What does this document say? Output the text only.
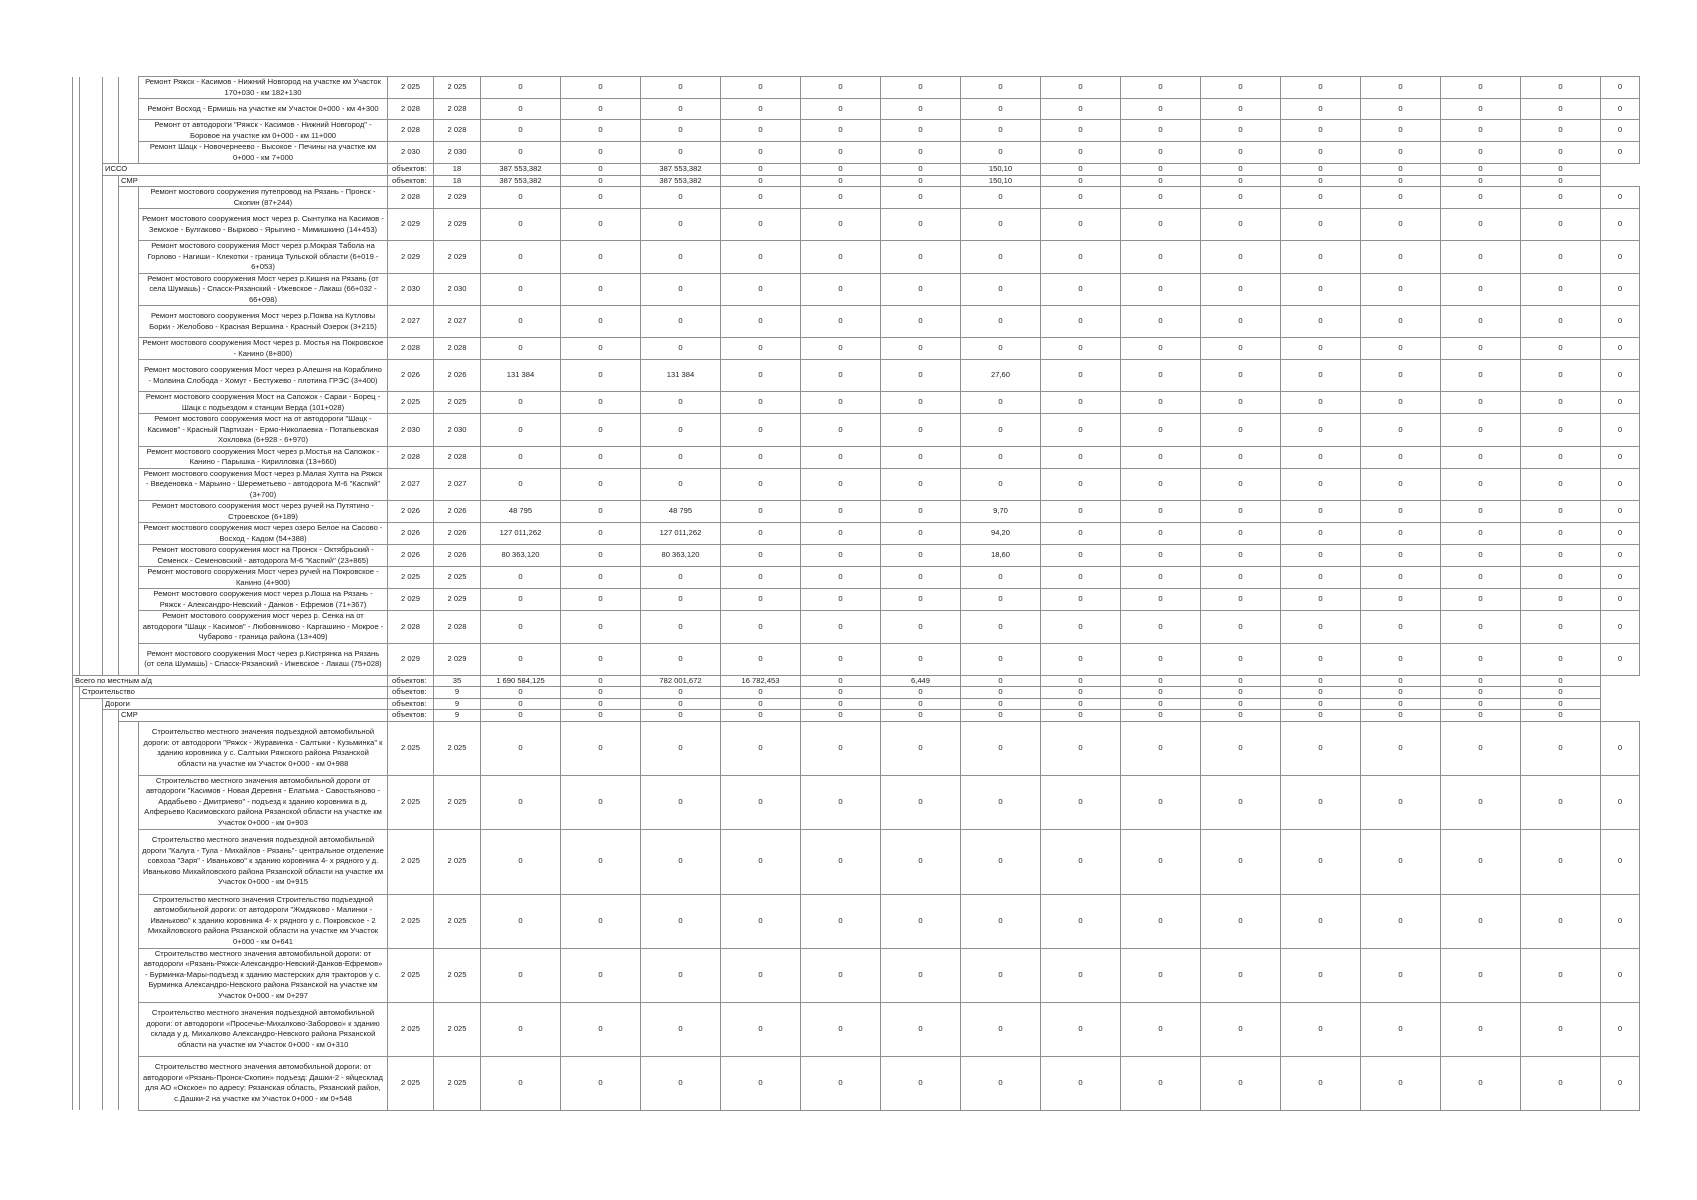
				Ремонт Ряжск - Касимов - Нижний Новгород на участке км Участок 170+030 - км 182+130	2 025	2 025	0	0	0	0	0	0	0	0	0	0	0	0	0	0	0
				Ремонт Восход - Ермишь на участке км Участок 0+000 - км 4+300	2 028	2 028	0	0	0	0	0	0	0	0	0	0	0	0	0	0	0
				Ремонт от автодороги "Ряжск - Касимов - Нижний Новгород" - Боровое на участке км 0+000 - км 11+000	2 028	2 028	0	0	0	0	0	0	0	0	0	0	0	0	0	0	0
				Ремонт Шацк - Новочернеево - Высокое - Печины на участке км 0+000 - км 7+000	2 030	2 030	0	0	0	0	0	0	0	0	0	0	0	0	0	0	0
		ИССО			объектов:	18	387 553,382	0	387 553,382	0	0	0	150,10	0	0	0	0	0	0	0	
			СМР		объектов:	18	387 553,382	0	387 553,382	0	0	0	150,10	0	0	0	0	0	0	0	
				Ремонт мостового сооружения путепровод на Рязань - Пронск - Скопин (87+244)	2 028	2 029	0	0	0	0	0	0	0	0	0	0	0	0	0	0	0
				Ремонт мостового сооружения мост через р. Сынтулка на Касимов - Земское - Булгаково - Вырково - Ярыгино - Мимишкино (14+453)	2 029	2 029	0	0	0	0	0	0	0	0	0	0	0	0	0	0	0
				Ремонт мостового сооружения Мост через р.Мокрая Табола на Горлово - Нагиши - Клекотки - граница Тульской области (6+019 - 6+053)	2 029	2 029	0	0	0	0	0	0	0	0	0	0	0	0	0	0	0
				Ремонт мостового сооружения Мост через р.Кишня на Рязань (от села Шумашь) - Спасск-Рязанский - Ижевское - Лакаш (66+032 - 66+098)	2 030	2 030	0	0	0	0	0	0	0	0	0	0	0	0	0	0	0
				Ремонт мостового сооружения Мост через р.Пожва на Кутловы Борки - Желобово - Красная Вершина - Красный Озерок (3+215)	2 027	2 027	0	0	0	0	0	0	0	0	0	0	0	0	0	0	0
				Ремонт мостового сооружения Мост через р. Мостья на Покровское - Канино (8+800)	2 028	2 028	0	0	0	0	0	0	0	0	0	0	0	0	0	0	0
				Ремонт мостового сооружения Мост через р.Алешня на Кораблино - Молвина Слобода - Хомут - Бестужево - плотина ГРЭС (3+400)	2 026	2 026	131 384	0	131 384	0	0	0	27,60	0	0	0	0	0	0	0	0
				Ремонт мостового сооружения Мост на Сапожок - Сараи - Борец - Шацк с подъездом к станции Верда (101+028)	2 025	2 025	0	0	0	0	0	0	0	0	0	0	0	0	0	0	0
				Ремонт мостового сооружения мост на от автодороги "Шацк - Касимов" - Красный Партизан - Ермо-Николаевка - Потапьевская Хохловка (6+928 - 6+970)	2 030	2 030	0	0	0	0	0	0	0	0	0	0	0	0	0	0	0
				Ремонт мостового сооружения Мост через р.Мостья на Сапожок - Канино - Парышка - Кирилловка (13+660)	2 028	2 028	0	0	0	0	0	0	0	0	0	0	0	0	0	0	0
				Ремонт мостового сооружения Мост через р.Малая Хупта на Ряжск - Введеновка - Марьино - Шереметьево - автодорога М-6 "Каспий" (3+700)	2 027	2 027	0	0	0	0	0	0	0	0	0	0	0	0	0	0	0
				Ремонт мостового сооружения мост через ручей на Путятино - Строевское (6+189)	2 026	2 026	48 795	0	48 795	0	0	0	9,70	0	0	0	0	0	0	0	0
				Ремонт мостового сооружения мост через озеро Белое на Сасово - Восход - Кадом (54+388)	2 026	2 026	127 011,262	0	127 011,262	0	0	0	94,20	0	0	0	0	0	0	0	0
				Ремонт мостового сооружения мост на Пронск - Октябрьский - Семенск - Семеновский - автодорога М-6 "Каспий" (23+865)	2 026	2 026	80 363,120	0	80 363,120	0	0	0	18,60	0	0	0	0	0	0	0	0
				Ремонт мостового сооружения Мост через ручей на Покровское - Канино (4+900)	2 025	2 025	0	0	0	0	0	0	0	0	0	0	0	0	0	0	0
				Ремонт мостового сооружения мост через р.Лоша на Рязань - Ряжск - Александро-Невский - Данков - Ефремов (71+367)	2 029	2 029	0	0	0	0	0	0	0	0	0	0	0	0	0	0	0
				Ремонт мостового сооружения мост через р. Сенка на от автодороги "Шацк - Касимов" - Любовниково - Каргашино - Мокрое - Чубарово - граница района (13+409)	2 028	2 028	0	0	0	0	0	0	0	0	0	0	0	0	0	0	0
				Ремонт мостового сооружения Мост через р.Кистрянка на Рязань (от села Шумашь) - Спасск-Рязанский - Ижевское - Лакаш (75+028)	2 029	2 029	0	0	0	0	0	0	0	0	0	0	0	0	0	0	0
Всего по местным а/д					объектов:	35	1 690 584,125	0	782 001,672	16 782,453	0	6,449	0	0	0	0	0	0	0	0	
	Строительство				объектов:	9	0	0	0	0	0	0	0	0	0	0	0	0	0	0	
		Дороги			объектов:	9	0	0	0	0	0	0	0	0	0	0	0	0	0	0	
			СМР		объектов:	9	0	0	0	0	0	0	0	0	0	0	0	0	0	0	
				Строительство местного значения подъездной автомобильной дороги: от автодороги "Ряжск - Журавинка - Салтыки - Кузьминка" к зданию коровника у с. Салтыки Ряжского района Рязанской области на участке км Участок 0+000 - км 0+988	2 025	2 025	0	0	0	0	0	0	0	0	0	0	0	0	0	0	0
				Строительство местного значения автомобильной дороги от автодороги "Касимов - Новая Деревня - Елатьма - Савостьяново - Ардабьево - Дмитриево" - подъезд к зданию коровника в д. Алферьево Касимовского района Рязанской области на участке км Участок 0+000 - км 0+903	2 025	2 025	0	0	0	0	0	0	0	0	0	0	0	0	0	0	0
				Строительство местного значения подъездной автомобильной дороги "Калуга - Тула - Михайлов - Рязань"- центральное отделение совхоза "Заря" - Иваньково" к зданию коровника 4- х рядного у д. Иваньково Михайловского района Рязанской области на участке км Участок 0+000 - км 0+915	2 025	2 025	0	0	0	0	0	0	0	0	0	0	0	0	0	0	0
				Строительство местного значения Строительство подъездной автомобильной дороги: от автодороги "Жмдяково - Малинки - Иваньково" к зданию коровника 4- х рядного у с. Покровское - 2 Михайловского района Рязанской области на участке км Участок 0+000 - км 0+641	2 025	2 025	0	0	0	0	0	0	0	0	0	0	0	0	0	0	0
				Строительство местного значения автомобильной дороги: от автодороги «Рязань-Ряжск-Александро-Невский-Данков-Ефремов» - Бурминка-Мары-подъезд к зданию мастерских для тракторов у с. Бурминка Александро-Невского района Рязанской на участке км Участок 0+000 - км 0+297	2 025	2 025	0	0	0	0	0	0	0	0	0	0	0	0	0	0	0
				Строительство местного значения подъездной автомобильной дороги: от автодороги «Просечье-Михалково-Заборово» к зданию склада у д. Михалково Александро-Невского района Рязанской области на участке км Участок 0+000 - км 0+310	2 025	2 025	0	0	0	0	0	0	0	0	0	0	0	0	0	0	0
				Строительство местного значения автомобильной дороги: от автодороги «Рязань-Пронск-Скопин» подъезд: Дашки-2 - яйцесклад для АО «Окское» по адресу: Рязанская область, Рязанский район, с.Дашки-2 на участке км Участок 0+000 - км 0+548	2 025	2 025	0	0	0	0	0	0	0	0	0	0	0	0	0	0	0
